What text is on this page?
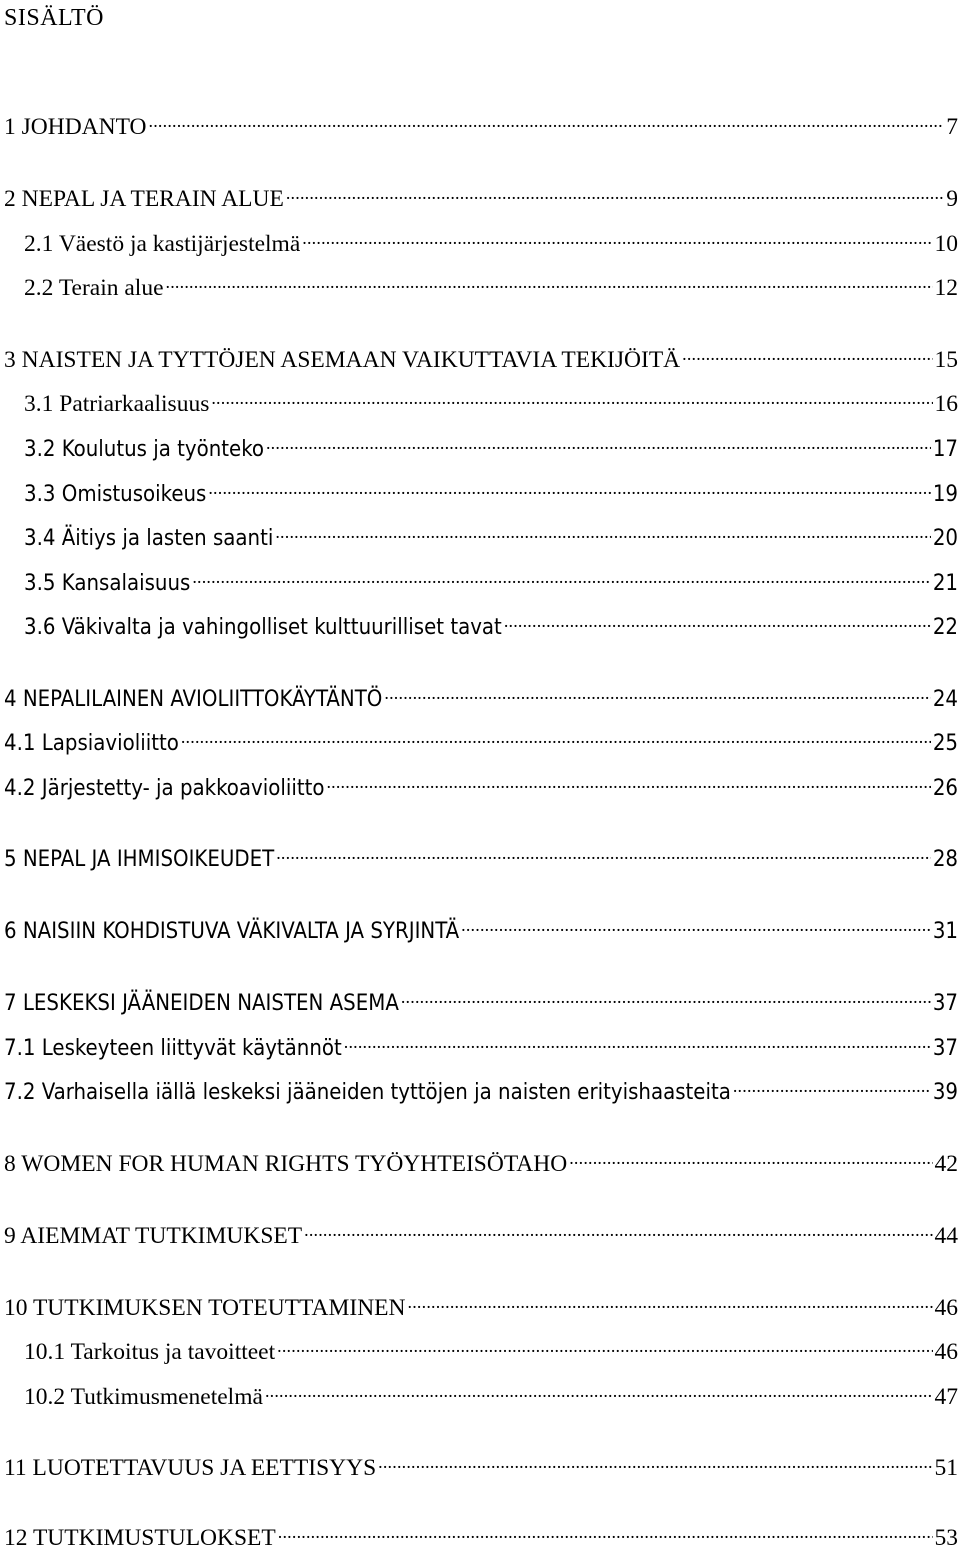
SISÄLTÖ
1 JOHDANTO .....	7
2 NEPAL JA TERAIN ALUE .....	9
2.1 Väestö ja kastijärjestelmä .....	10
2.2 Terain alue .....	12
3 NAISTEN JA TYTTÖJEN ASEMAAN VAIKUTTAVIA TEKIJÖITÄ .....	15
3.1 Patriarkaalisuus .....	16
3.2 Koulutus ja työnteko .....	17
3.3 Omistusoikeus .....	19
3.4 Äitiys ja lasten saanti .....	20
3.5 Kansalaisuus .....	21
3.6 Väkivalta ja vahingolliset kulttuurilliset tavat .....	22
4 NEPALILAINEN AVIOLIITTOKÄYTÄNTÖ .....	24
4.1 Lapsiavioliitto .....	25
4.2 Järjestetty- ja pakkoavioliitto .....	26
5 NEPAL JA IHMISOIKEUDET .....	28
6 NAISIIN KOHDISTUVA VÄKIVALTA JA SYRJINTÄ .....	31
7 LESKEKSI JÄÄNEIDEN NAISTEN ASEMA .....	37
7.1 Leskeyteen liittyvät käytännöt .....	37
7.2 Varhaisella iällä leskeksi jääneiden tyttöjen ja naisten erityishaasteita .....	39
8 WOMEN FOR HUMAN RIGHTS TYÖYHTEISÖTAHO .....	42
9 AIEMMAT TUTKIMUKSET .....	44
10 TUTKIMUKSEN TOTEUTTAMINEN .....	46
10.1 Tarkoitus ja tavoitteet .....	46
10.2 Tutkimusmenetelmä .....	47
11 LUOTETTAVUUS JA EETTISYYS .....	51
12 TUTKIMUSTULOKSET .....	53
